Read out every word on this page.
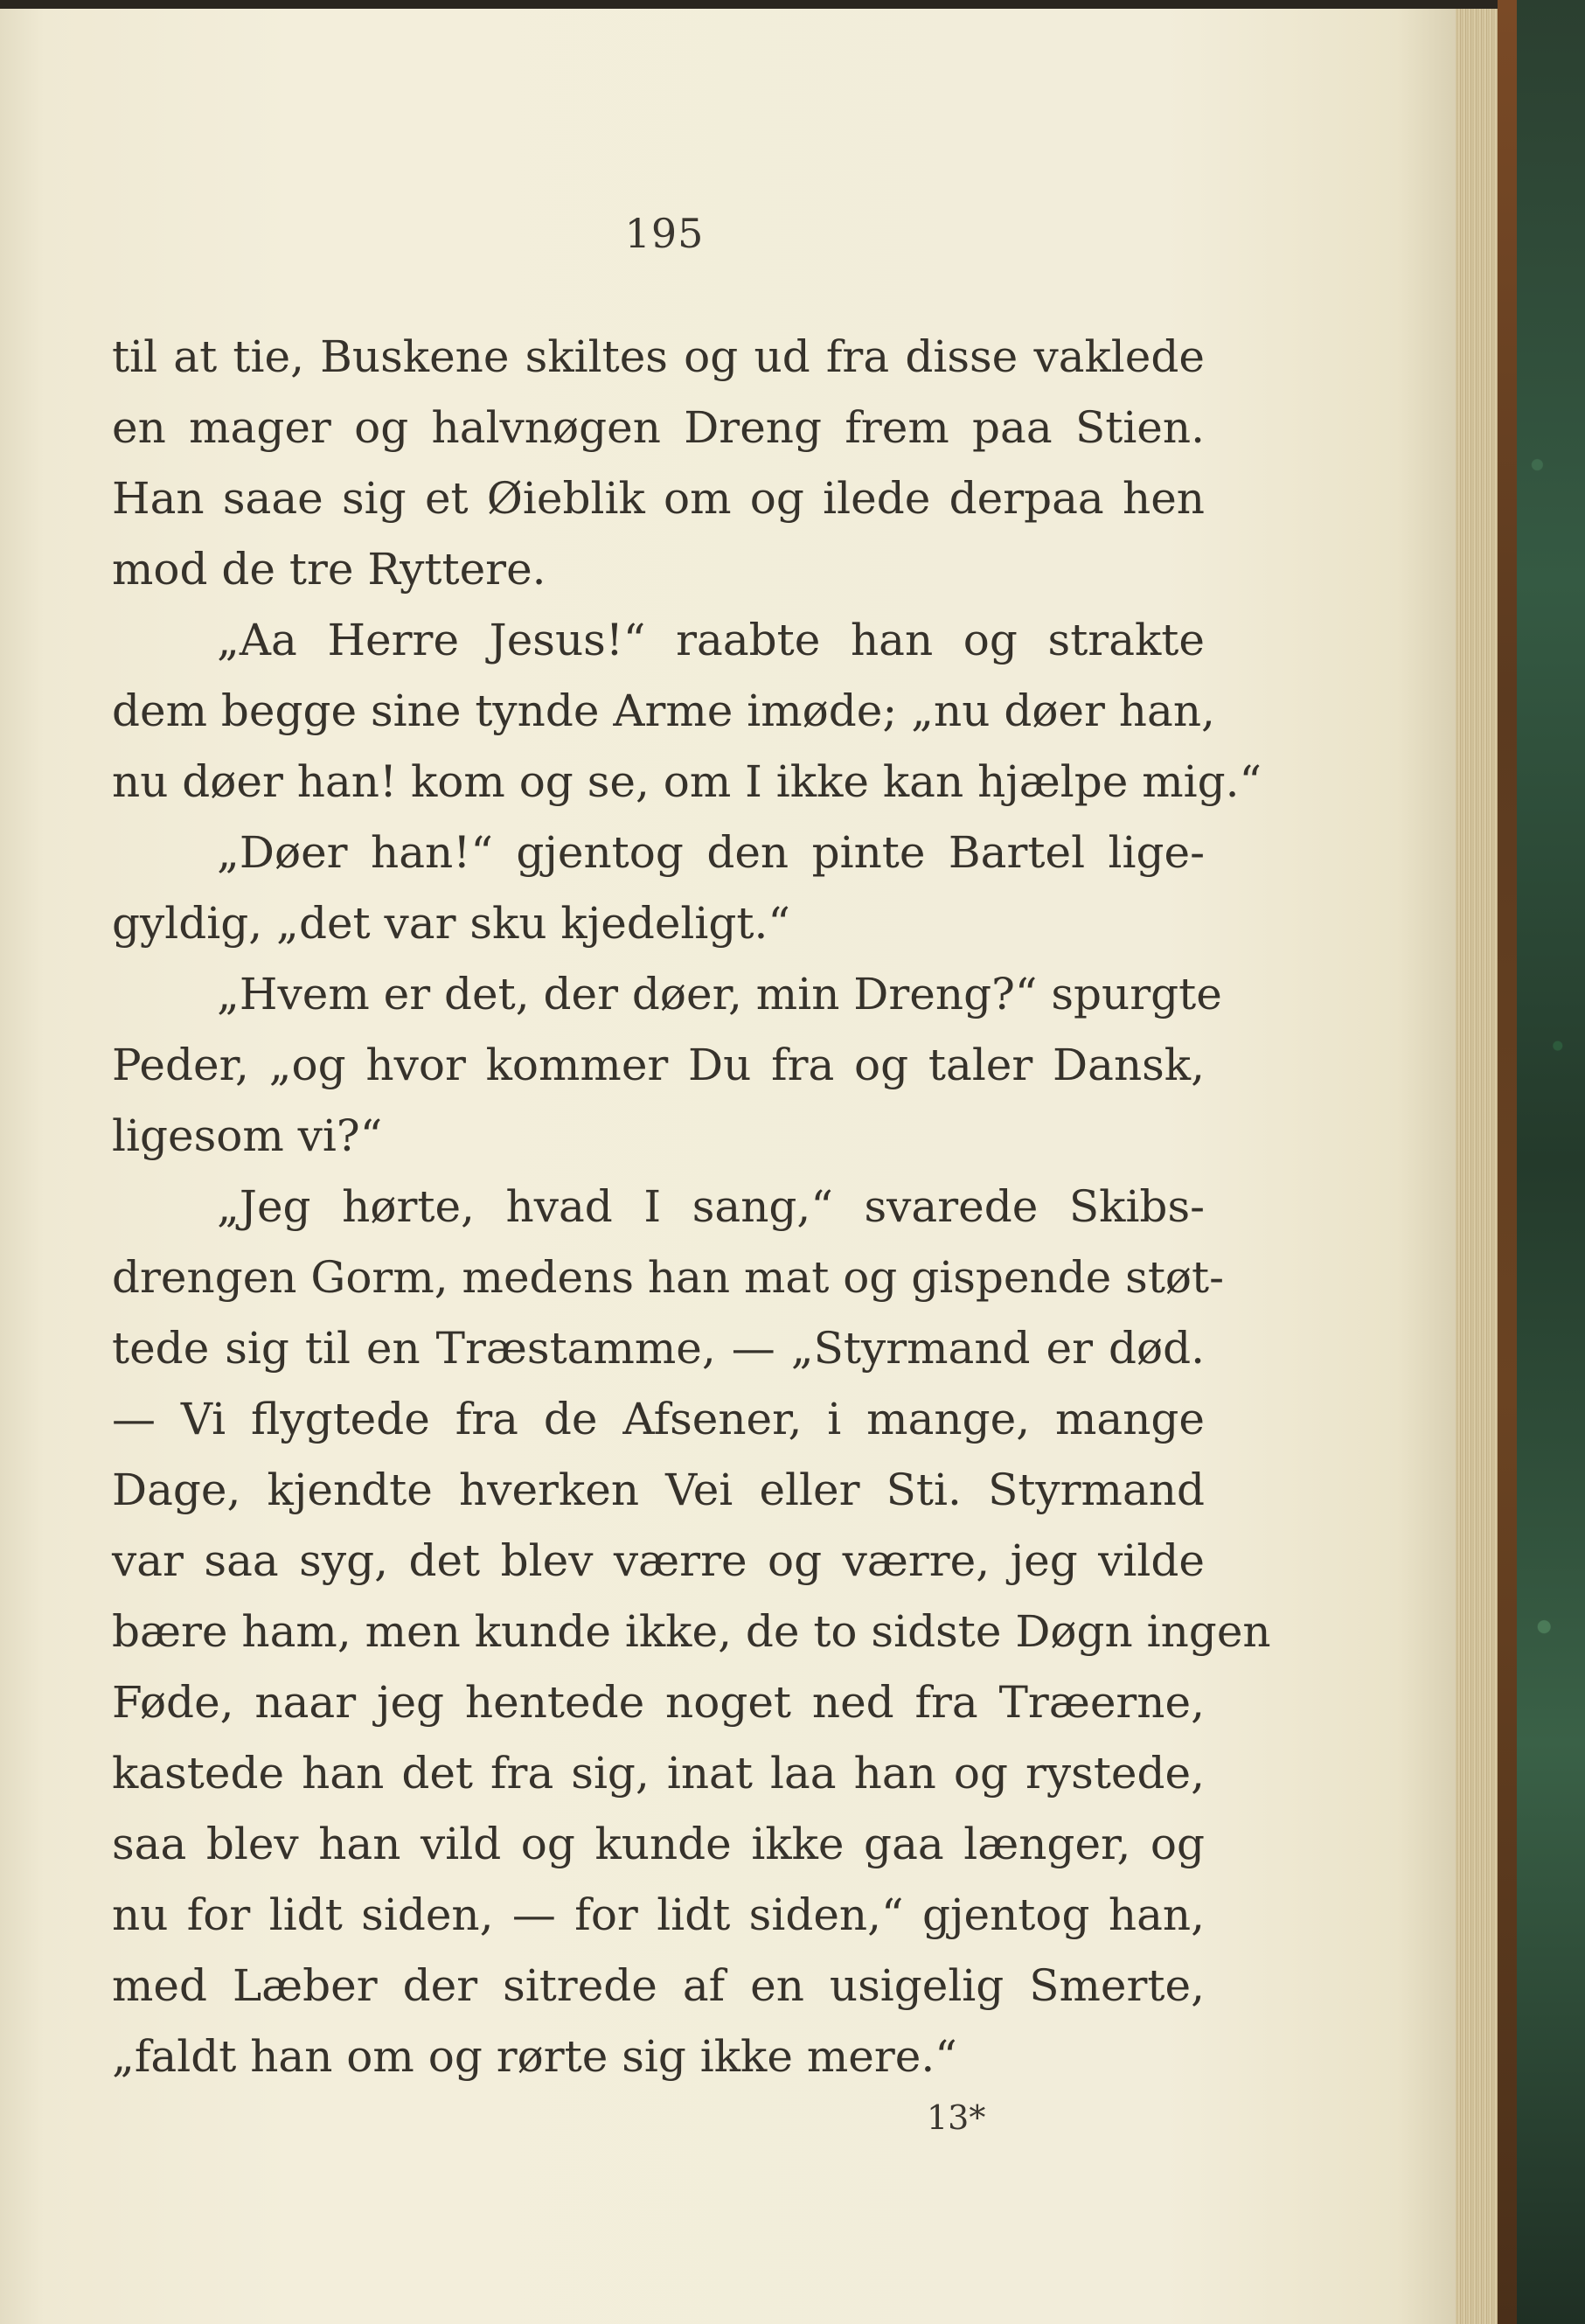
195
til at tie, Buskene skiltes og ud fra disse vaklede
en mager og halvnøgen Dreng frem paa Stien.
Han saae sig et Øieblik om og ilede derpaa hen
mod de tre Ryttere.
„Aa Herre Jesus!“ raabte han og strakte
dem begge sine tynde Arme imøde; „nu døer han,
nu døer han! kom og se, om I ikke kan hjælpe mig.“
„Døer han!“ gjentog den pinte Bartel lige-
gyldig, „det var sku kjedeligt.“
„Hvem er det, der døer, min Dreng?“ spurgte
Peder, „og hvor kommer Du fra og taler Dansk,
ligesom vi?“
„Jeg hørte, hvad I sang,“ svarede Skibs-
drengen Gorm, medens han mat og gispende støt-
tede sig til en Træstamme, — „Styrmand er død.
— Vi flygtede fra de Afsener, i mange, mange
Dage, kjendte hverken Vei eller Sti. Styrmand
var saa syg, det blev værre og værre, jeg vilde
bære ham, men kunde ikke, de to sidste Døgn ingen
Føde, naar jeg hentede noget ned fra Træerne,
kastede han det fra sig, inat laa han og rystede,
saa blev han vild og kunde ikke gaa længer, og
nu for lidt siden, — for lidt siden,“ gjentog han,
med Læber der sitrede af en usigelig Smerte,
„faldt han om og rørte sig ikke mere.“
13*
